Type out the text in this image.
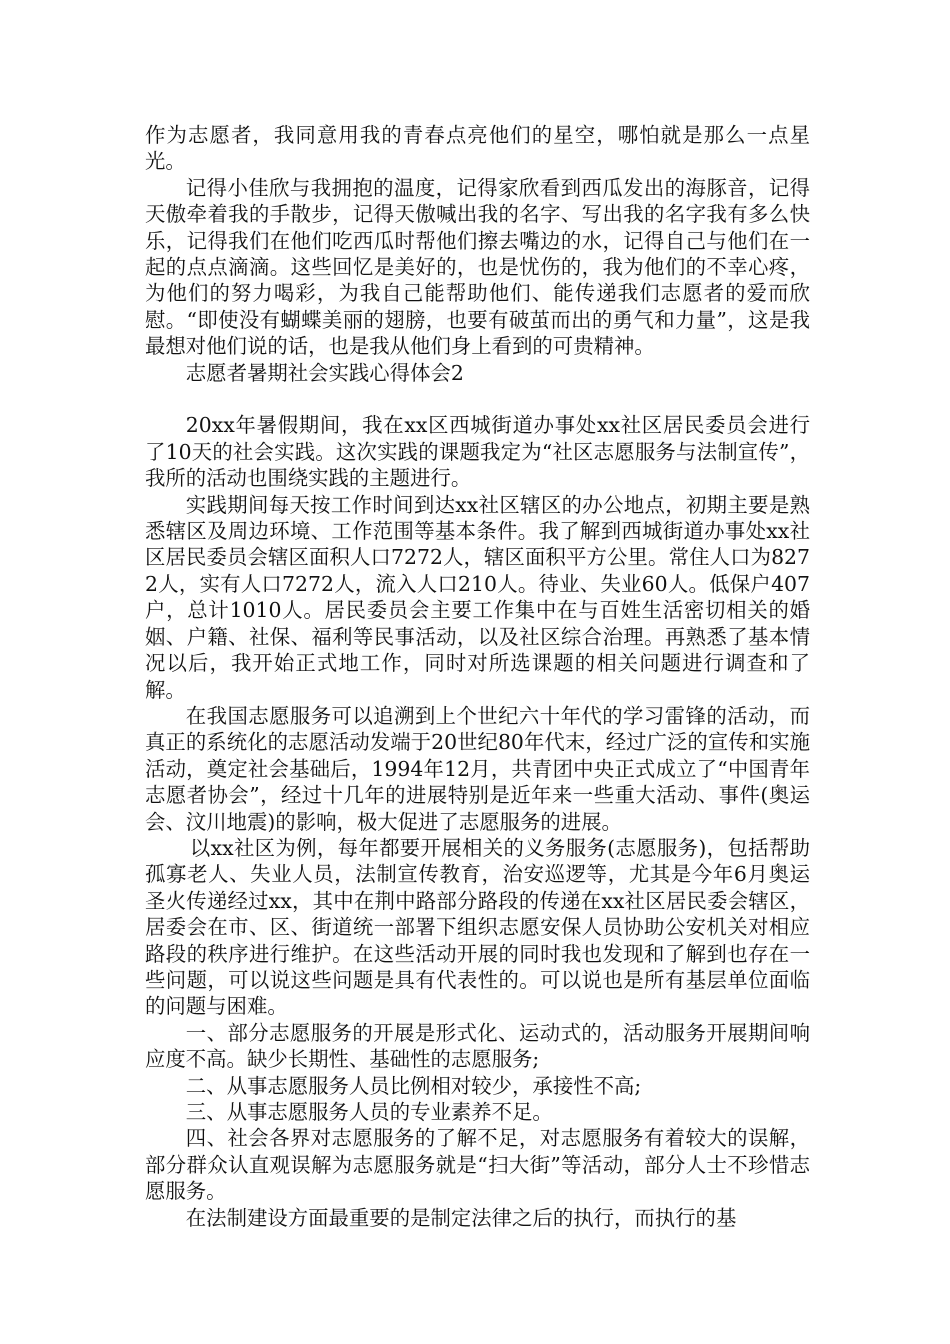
作为志愿者，我同意用我的青春点亮他们的星空，哪怕就是那么一点星光。

记得小佳欣与我拥抱的温度，记得家欣看到西瓜发出的海豚音，记得天傲牵着我的手散步，记得天傲喊出我的名字、写出我的名字我有多么快乐，记得我们在他们吃西瓜时帮他们擦去嘴边的水，记得自己与他们在一起的点点滴滴。这些回忆是美好的，也是忧伤的，我为他们的不幸心疼，为他们的努力喝彩，为我自己能帮助他们、能传递我们志愿者的爱而欣慰。“即使没有蝴蝶美丽的翅膀，也要有破茧而出的勇气和力量”，这是我最想对他们说的话，也是我从他们身上看到的可贵精神。

志愿者暑期社会实践心得体会2

20xx年暑假期间，我在xx区西城街道办事处xx社区居民委员会进行了10天的社会实践。这次实践的课题我定为“社区志愿服务与法制宣传”，我所的活动也围绕实践的主题进行。

实践期间每天按工作时间到达xx社区辖区的办公地点，初期主要是熟悉辖区及周边环境、工作范围等基本条件。我了解到西城街道办事处xx社区居民委员会辖区面积人口7272人，辖区面积平方公里。常住人口为8272人，实有人口7272人，流入人口210人。待业、失业60人。低保户407户，总计1010人。居民委员会主要工作集中在与百姓生活密切相关的婚姻、户籍、社保、福利等民事活动，以及社区综合治理。再熟悉了基本情况以后，我开始正式地工作，同时对所选课题的相关问题进行调查和了解。

在我国志愿服务可以追溯到上个世纪六十年代的学习雷锋的活动，而真正的系统化的志愿活动发端于20世纪80年代末，经过广泛的宣传和实施活动，奠定社会基础后，1994年12月，共青团中央正式成立了“中国青年志愿者协会”，经过十几年的进展特别是近年来一些重大活动、事件(奥运会、汶川地震)的影响，极大促进了志愿服务的进展。

以xx社区为例，每年都要开展相关的义务服务(志愿服务)，包括帮助孤寡老人、失业人员，法制宣传教育，治安巡逻等，尤其是今年6月奥运圣火传递经过xx，其中在荆中路部分路段的传递在xx社区居民委会辖区，居委会在市、区、街道统一部署下组织志愿安保人员协助公安机关对相应路段的秩序进行维护。在这些活动开展的同时我也发现和了解到也存在一些问题，可以说这些问题是具有代表性的。可以说也是所有基层单位面临的问题与困难。

一、部分志愿服务的开展是形式化、运动式的，活动服务开展期间响应度不高。缺少长期性、基础性的志愿服务;

二、从事志愿服务人员比例相对较少，承接性不高;

三、从事志愿服务人员的专业素养不足。

四、社会各界对志愿服务的了解不足，对志愿服务有着较大的误解，部分群众认直观误解为志愿服务就是“扫大街”等活动，部分人士不珍惜志愿服务。

在法制建设方面最重要的是制定法律之后的执行，而执行的基
